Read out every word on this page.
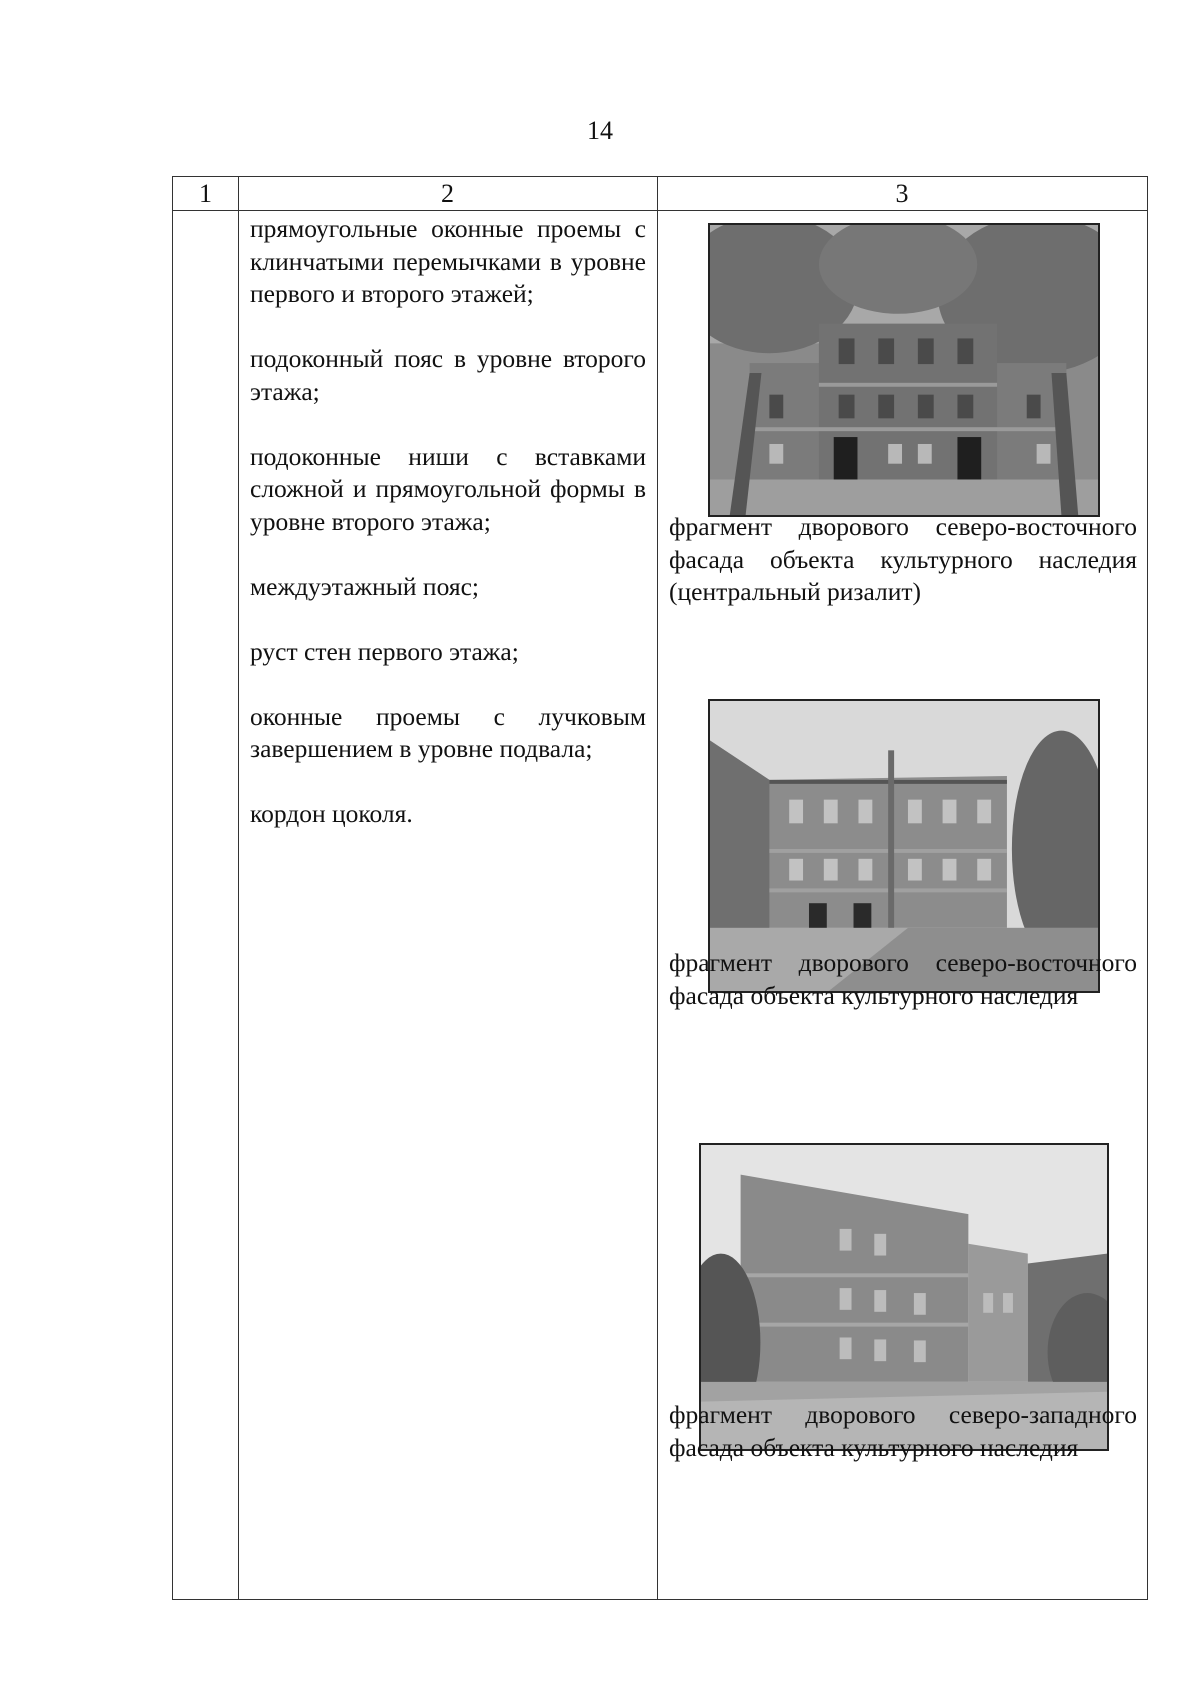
14
1	2	3

прямоугольные оконные проемы с клинчатыми перемычками в уровне первого и второго этажей;

подоконный пояс в уровне второго этажа;

подоконные ниши с вставками сложной и прямоугольной формы в уровне второго этажа;

междуэтажный пояс;

руст стен первого этажа;

оконные проемы с лучковым завершением в уровне подвала;

кордон цоколя.

фрагмент дворового северо-восточного фасада объекта культурного наследия (центральный ризалит)

фрагмент дворового северо-восточного фасада объекта культурного наследия

фрагмент дворового северо-западного фасада объекта культурного наследия
